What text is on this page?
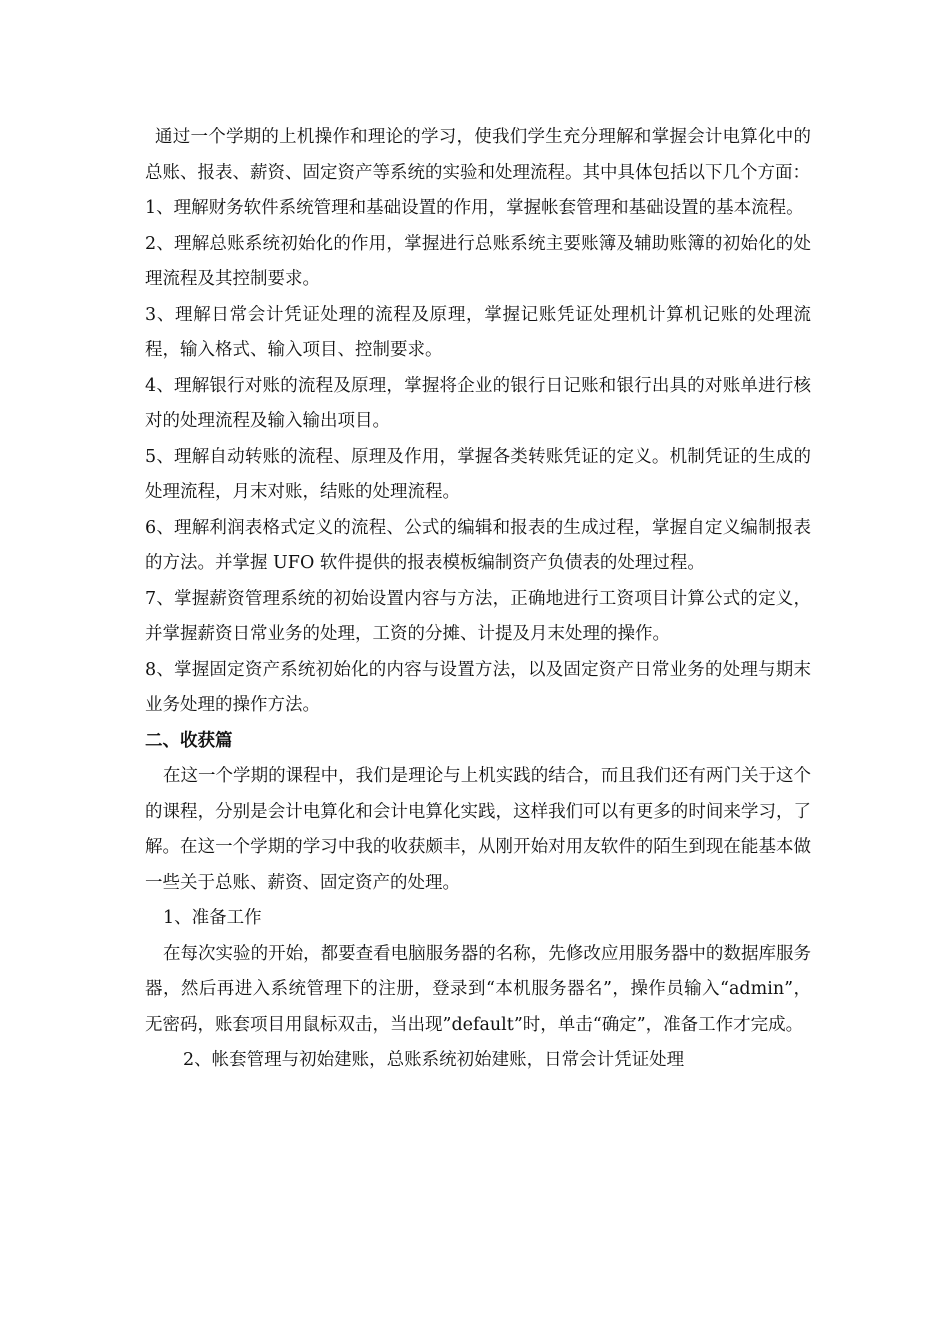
通过一个学期的上机操作和理论的学习，使我们学生充分理解和掌握会计电算化中的总账、报表、薪资、固定资产等系统的实验和处理流程。其中具体包括以下几个方面：

1、理解财务软件系统管理和基础设置的作用，掌握帐套管理和基础设置的基本流程。

2、理解总账系统初始化的作用，掌握进行总账系统主要账簿及辅助账簿的初始化的处理流程及其控制要求。

3、理解日常会计凭证处理的流程及原理，掌握记账凭证处理机计算机记账的处理流程，输入格式、输入项目、控制要求。

4、理解银行对账的流程及原理，掌握将企业的银行日记账和银行出具的对账单进行核对的处理流程及输入输出项目。

5、理解自动转账的流程、原理及作用，掌握各类转账凭证的定义。机制凭证的生成的处理流程，月末对账，结账的处理流程。

6、理解利润表格式定义的流程、公式的编辑和报表的生成过程，掌握自定义编制报表的方法。并掌握 UFO 软件提供的报表模板编制资产负债表的处理过程。

7、掌握薪资管理系统的初始设置内容与方法，正确地进行工资项目计算公式的定义，并掌握薪资日常业务的处理，工资的分摊、计提及月末处理的操作。

8、掌握固定资产系统初始化的内容与设置方法，以及固定资产日常业务的处理与期末业务处理的操作方法。

二、收获篇

在这一个学期的课程中，我们是理论与上机实践的结合，而且我们还有两门关于这个的课程，分别是会计电算化和会计电算化实践，这样我们可以有更多的时间来学习，了解。在这一个学期的学习中我的收获颇丰，从刚开始对用友软件的陌生到现在能基本做一些关于总账、薪资、固定资产的处理。

1、准备工作

在每次实验的开始，都要查看电脑服务器的名称，先修改应用服务器中的数据库服务器，然后再进入系统管理下的注册，登录到“本机服务器名”，操作员输入“admin”，无密码，账套项目用鼠标双击，当出现”default”时，单击“确定”，准备工作才完成。

2、帐套管理与初始建账，总账系统初始建账，日常会计凭证处理
